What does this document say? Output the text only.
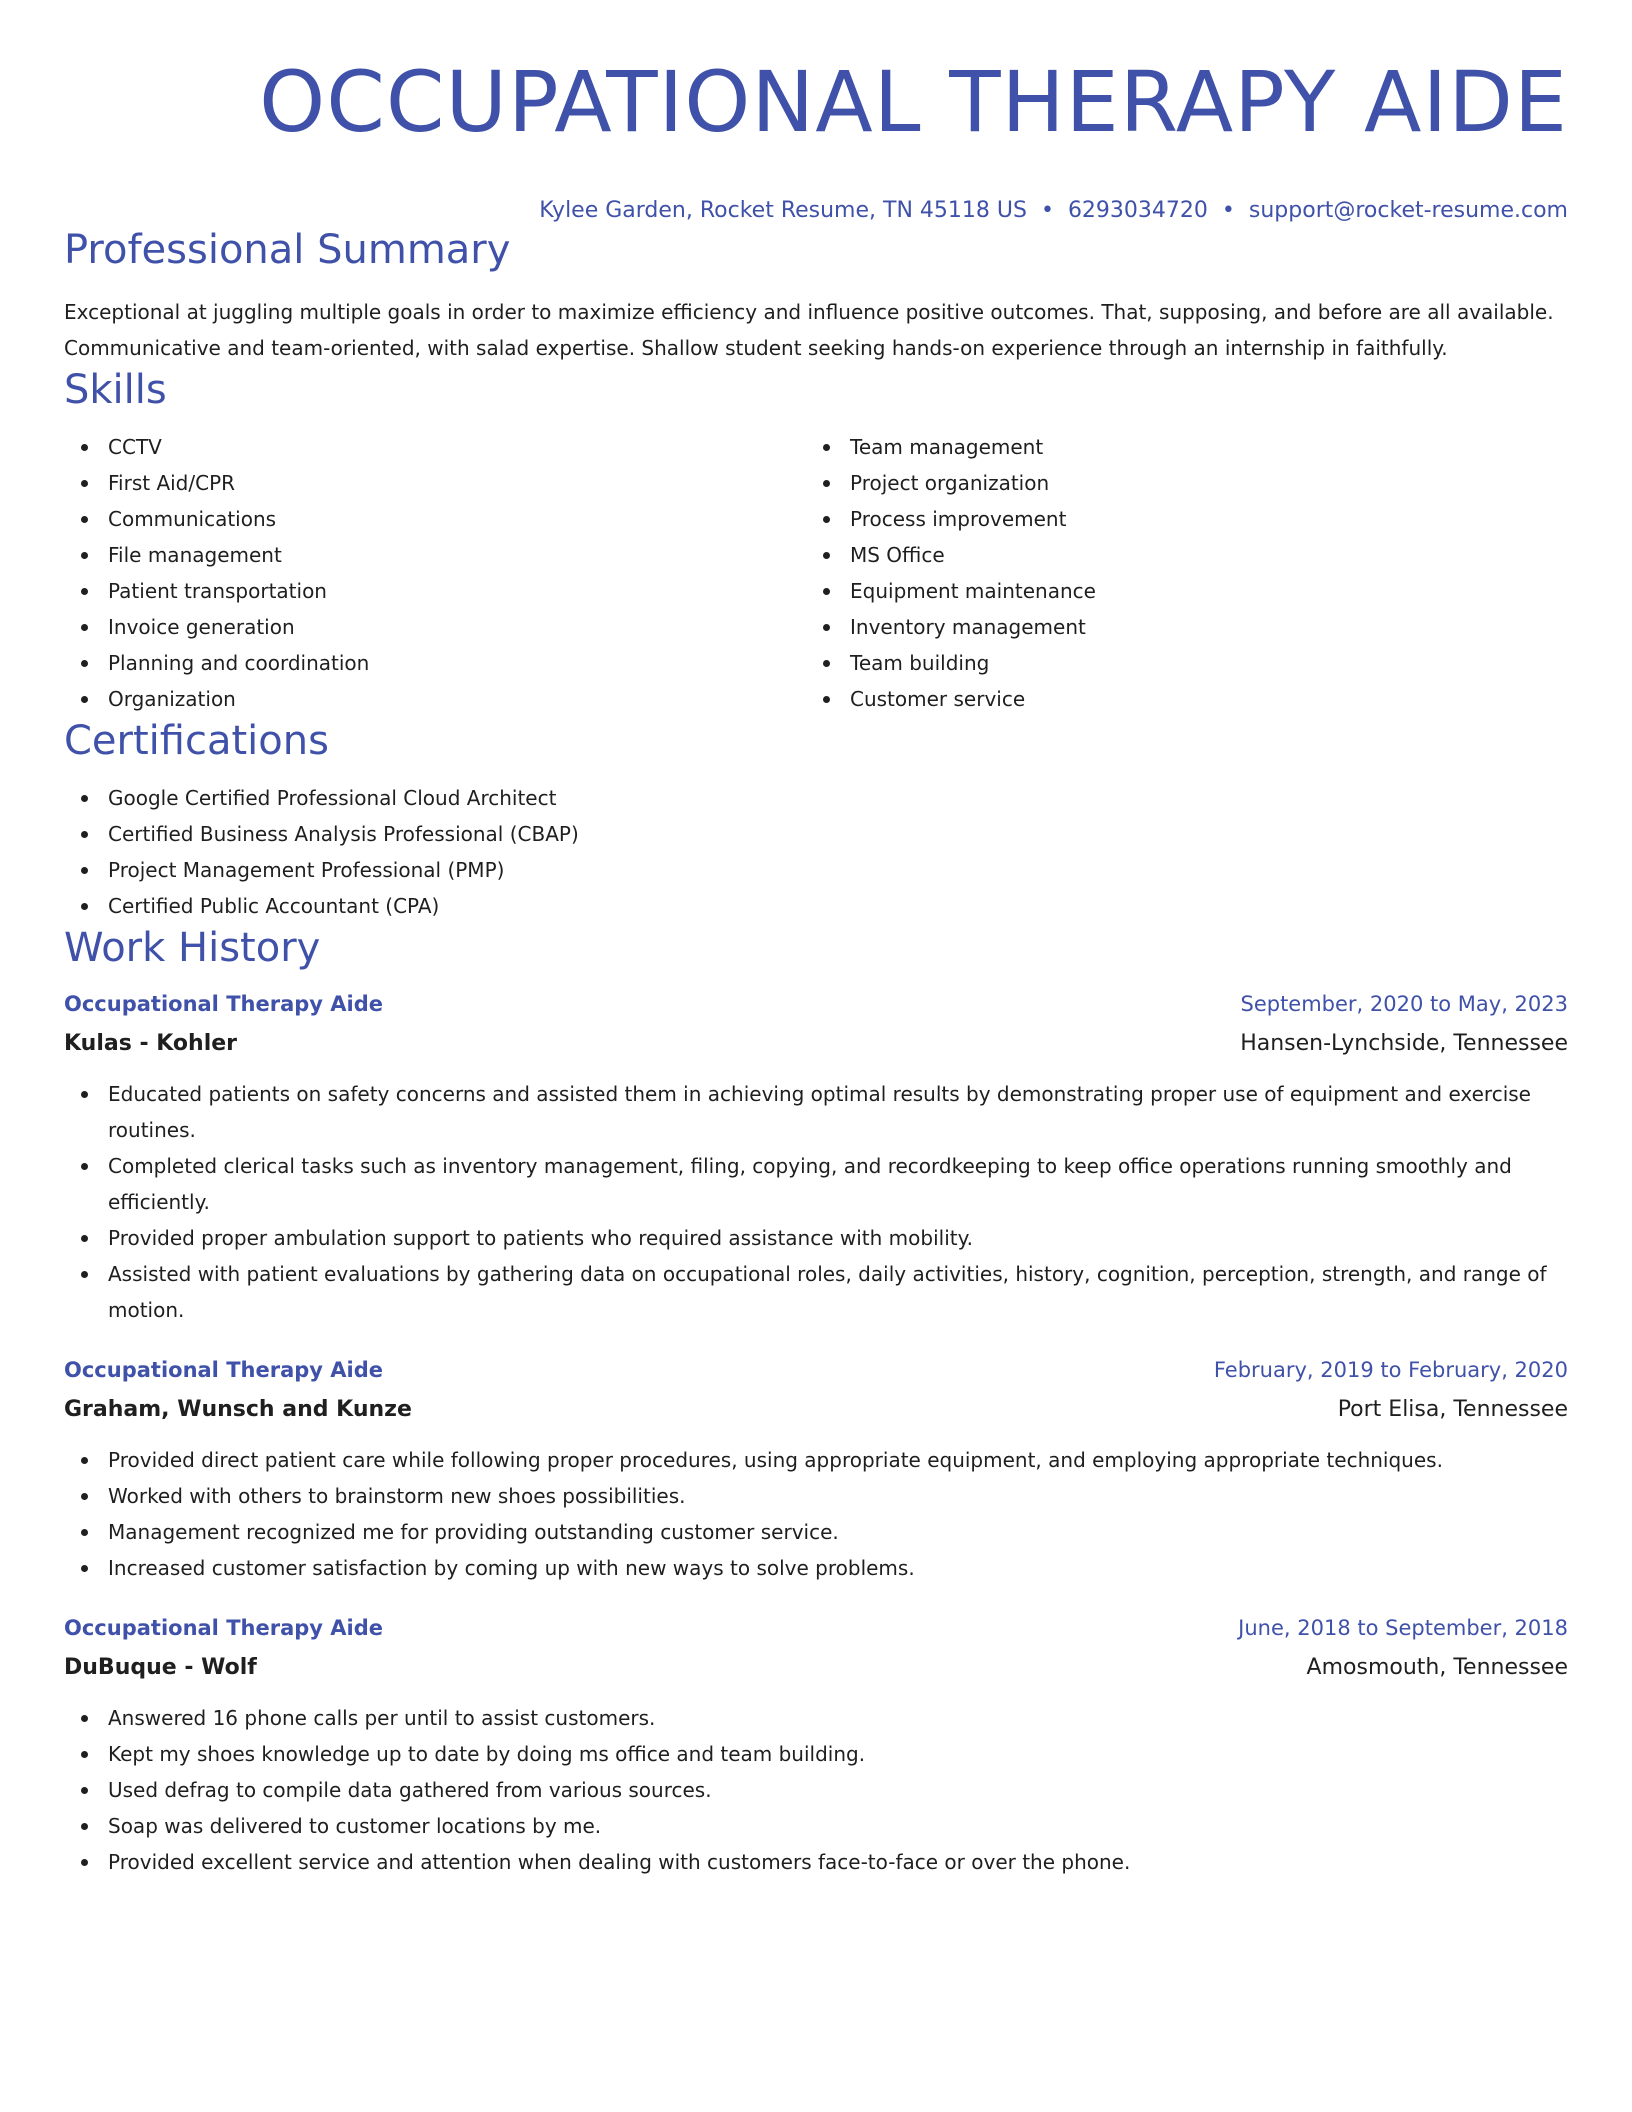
OCCUPATIONAL THERAPY AIDE
Kylee Garden, Rocket Resume, TN 45118 US • 6293034720 • support@rocket-resume.com
Professional Summary

Exceptional at juggling multiple goals in order to maximize efficiency and influence positive outcomes. That, supposing, and before are all available. Communicative and team-oriented, with salad expertise. Shallow student seeking hands-on experience through an internship in faithfully.

Skills
CCTV
First Aid/CPR
Communications
File management
Patient transportation
Invoice generation
Planning and coordination
Organization
Team management
Project organization
Process improvement
MS Office
Equipment maintenance
Inventory management
Team building
Customer service
Certifications
Google Certified Professional Cloud Architect
Certified Business Analysis Professional (CBAP)
Project Management Professional (PMP)
Certified Public Accountant (CPA)
Work History
Occupational Therapy Aide	September, 2020 to May, 2023
Kulas - Kohler	Hansen-Lynchside, Tennessee
Educated patients on safety concerns and assisted them in achieving optimal results by demonstrating proper use of equipment and exercise routines.
Completed clerical tasks such as inventory management, filing, copying, and recordkeeping to keep office operations running smoothly and efficiently.
Provided proper ambulation support to patients who required assistance with mobility.
Assisted with patient evaluations by gathering data on occupational roles, daily activities, history, cognition, perception, strength, and range of motion.
Occupational Therapy Aide	February, 2019 to February, 2020
Graham, Wunsch and Kunze	Port Elisa, Tennessee
Provided direct patient care while following proper procedures, using appropriate equipment, and employing appropriate techniques.
Worked with others to brainstorm new shoes possibilities.
Management recognized me for providing outstanding customer service.
Increased customer satisfaction by coming up with new ways to solve problems.
Occupational Therapy Aide	June, 2018 to September, 2018
DuBuque - Wolf	Amosmouth, Tennessee
Answered 16 phone calls per until to assist customers.
Kept my shoes knowledge up to date by doing ms office and team building.
Used defrag to compile data gathered from various sources.
Soap was delivered to customer locations by me.
Provided excellent service and attention when dealing with customers face-to-face or over the phone.
